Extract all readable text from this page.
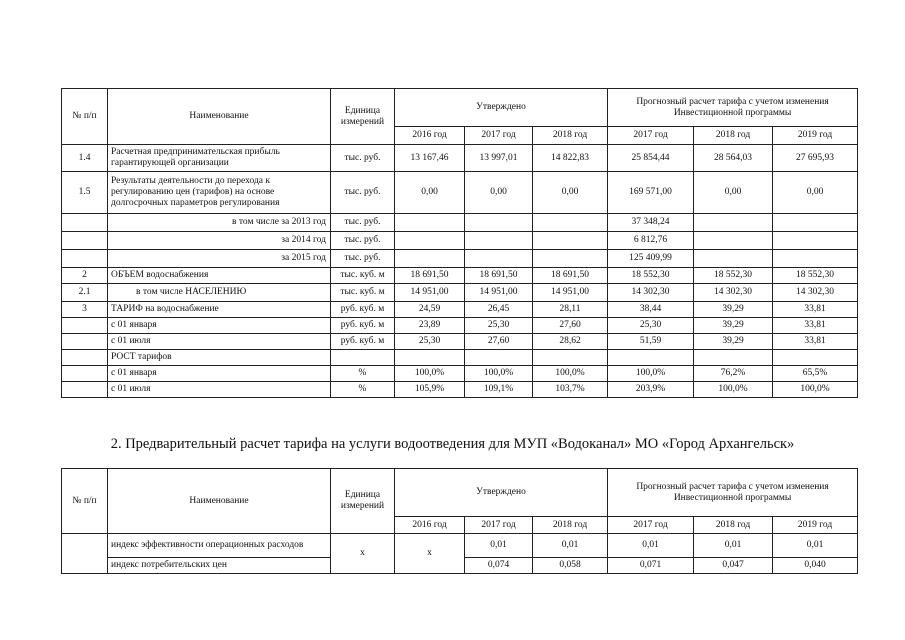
№ п/п	Наименование	Единица измерений	Утверждено			Прогнозный расчет тарифа с учетом изменения Инвестиционной программы		
			2016 год	2017 год	2018 год	2017 год	2018 год	2019 год
1.4	Расчетная предпринимательская прибыль гарантирующей организации	тыс. руб.	13 167,46	13 997,01	14 822,83	25 854,44	28 564,03	27 695,93
1.5	Результаты деятельности до перехода к регулированию цен (тарифов) на основе долгосрочных параметров регулирования	тыс. руб.	0,00	0,00	0,00	169 571,00	0,00	0,00
	в том числе за 2013 год	тыс. руб.				37 348,24		
	за 2014 год	тыс. руб.				6 812,76		
	за 2015 год	тыс. руб.				125 409,99		
2	ОБЪЕМ водоснабжения	тыс. куб. м	18 691,50	18 691,50	18 691,50	18 552,30	18 552,30	18 552,30
2.1	в том числе НАСЕЛЕНИЮ	тыс. куб. м	14 951,00	14 951,00	14 951,00	14 302,30	14 302,30	14 302,30
3	ТАРИФ на водоснабжение	руб. куб. м	24,59	26,45	28,11	38,44	39,29	33,81
	с 01 января	руб. куб. м	23,89	25,30	27,60	25,30	39,29	33,81
	с 01 июля	руб. куб. м	25,30	27,60	28,62	51,59	39,29	33,81
	РОСТ тарифов							
	с 01 января	%	100,0%	100,0%	100,0%	100,0%	76,2%	65,5%
	с 01 июля	%	105,9%	109,1%	103,7%	203,9%	100,0%	100,0%
2. Предварительный расчет тарифа на услуги водоотведения для МУП «Водоканал» МО «Город Архангельск»
№ п/п	Наименование	Единица измерений	Утверждено			Прогнозный расчет тарифа с учетом изменения Инвестиционной программы		
			2016 год	2017 год	2018 год	2017 год	2018 год	2019 год
	индекс эффективности операционных расходов	х	х	0,01	0,01	0,01	0,01	0,01
	индекс потребительских цен			0,074	0,058	0,071	0,047	0,040
